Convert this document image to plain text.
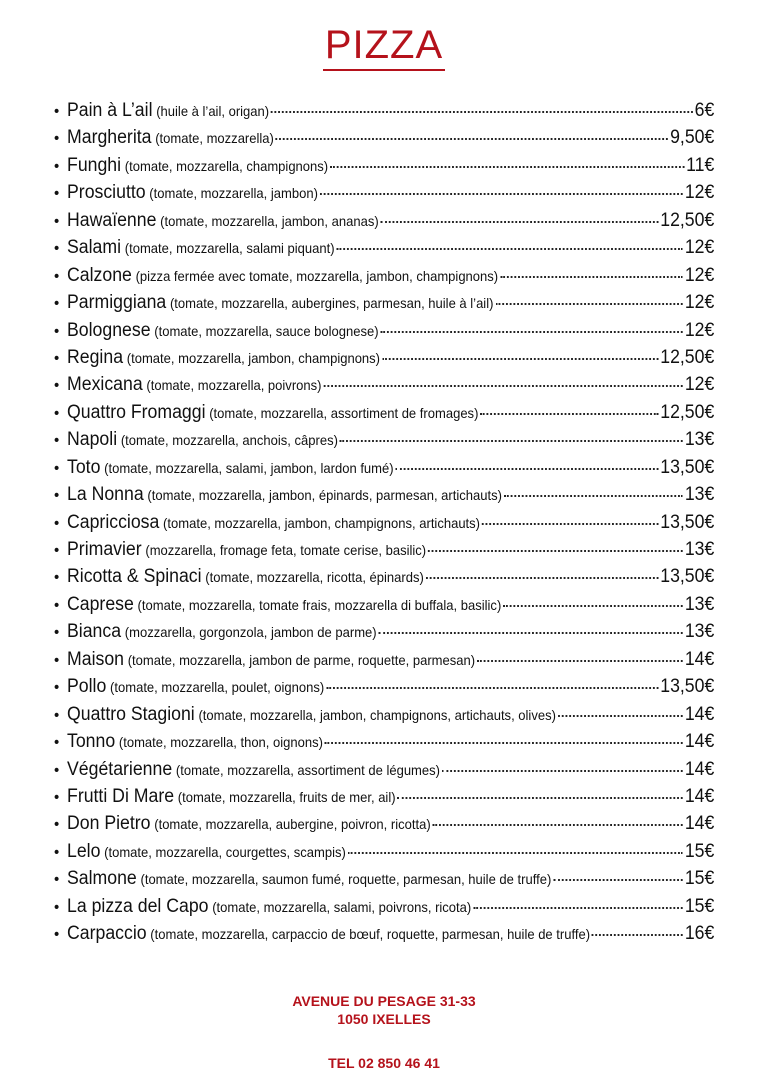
PIZZA
• Pain à L’ail (huile à l’ail, origan)	6€
• Margherita (tomate, mozzarella)	9,50€
• Funghi (tomate, mozzarella, champignons)	11€
• Prosciutto (tomate, mozzarella, jambon)	12€
• Hawaïenne (tomate, mozzarella, jambon, ananas)	12,50€
• Salami (tomate, mozzarella, salami piquant)	12€
• Calzone (pizza fermée avec tomate, mozzarella, jambon, champignons)	12€
• Parmiggiana (tomate, mozzarella, aubergines, parmesan, huile à l’ail)	12€
• Bolognese (tomate, mozzarella, sauce bolognese)	12€
• Regina (tomate, mozzarella, jambon, champignons)	12,50€
• Mexicana (tomate, mozzarella, poivrons)	12€
• Quattro Fromaggi (tomate, mozzarella, assortiment de fromages)	12,50€
• Napoli (tomate, mozzarella, anchois, câpres)	13€
• Toto (tomate, mozzarella, salami, jambon, lardon fumé)	13,50€
• La Nonna (tomate, mozzarella, jambon, épinards, parmesan, artichauts)	13€
• Capricciosa (tomate, mozzarella, jambon, champignons, artichauts)	13,50€
• Primavier (mozzarella, fromage feta, tomate cerise, basilic)	13€
• Ricotta & Spinaci (tomate, mozzarella, ricotta, épinards)	13,50€
• Caprese (tomate, mozzarella, tomate frais, mozzarella di buffala, basilic)	13€
• Bianca (mozzarella, gorgonzola, jambon de parme)	13€
• Maison (tomate, mozzarella, jambon de parme, roquette, parmesan)	14€
• Pollo (tomate, mozzarella, poulet, oignons)	13,50€
• Quattro Stagioni (tomate, mozzarella, jambon, champignons, artichauts, olives)	14€
• Tonno (tomate, mozzarella, thon, oignons)	14€
• Végétarienne (tomate, mozzarella, assortiment de légumes)	14€
• Frutti Di Mare (tomate, mozzarella, fruits de mer, ail)	14€
• Don Pietro (tomate, mozzarella, aubergine, poivron, ricotta)	14€
• Lelo (tomate, mozzarella, courgettes, scampis)	15€
• Salmone (tomate, mozzarella, saumon fumé, roquette, parmesan, huile de truffe)	15€
• La pizza del Capo (tomate, mozzarella, salami, poivrons, ricota)	15€
• Carpaccio (tomate, mozzarella, carpaccio de bœuf, roquette, parmesan, huile de truffe)	16€
AVENUE DU PESAGE 31-33
1050 IXELLES
TEL 02 850 46 41
